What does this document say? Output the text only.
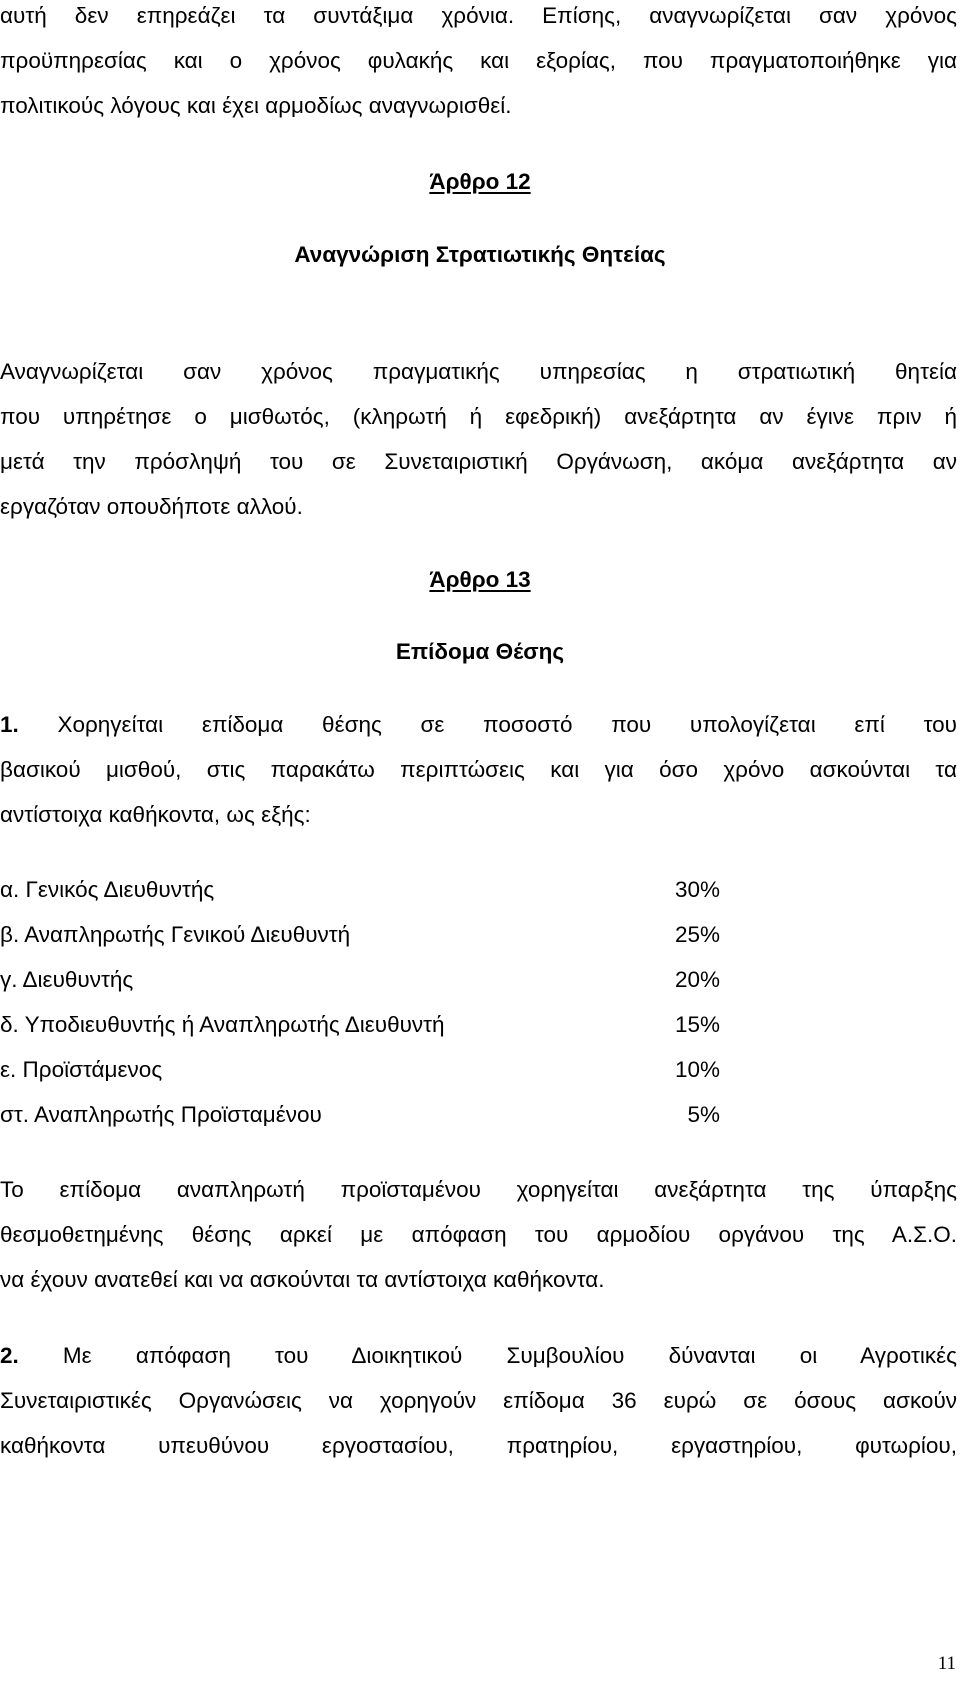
αυτή δεν επηρεάζει τα συντάξιμα χρόνια. Επίσης, αναγνωρίζεται σαν χρόνος
προϋπηρεσίας και ο χρόνος φυλακής και εξορίας, που πραγματοποιήθηκε για
πολιτικούς λόγους και έχει αρμοδίως αναγνωρισθεί.
Άρθρο 12
Αναγνώριση Στρατιωτικής Θητείας
Αναγνωρίζεται σαν χρόνος πραγματικής υπηρεσίας η στρατιωτική θητεία
που υπηρέτησε ο μισθωτός, (κληρωτή ή εφεδρική) ανεξάρτητα αν έγινε πριν ή
μετά την πρόσληψή του σε Συνεταιριστική Οργάνωση, ακόμα ανεξάρτητα αν
εργαζόταν οπουδήποτε αλλού.
Άρθρο 13
Επίδομα Θέσης
1. Χορηγείται επίδομα θέσης σε ποσοστό που υπολογίζεται επί του
βασικού μισθού, στις παρακάτω περιπτώσεις και για όσο χρόνο ασκούνται τα
αντίστοιχα καθήκοντα, ως εξής:
α. Γενικός Διευθυντής	30%
β. Αναπληρωτής Γενικού Διευθυντή	25%
γ. Διευθυντής	20%
δ. Υποδιευθυντής ή Αναπληρωτής Διευθυντή	15%
ε. Προϊστάμενος	10%
στ. Αναπληρωτής Προϊσταμένου	5%
Το επίδομα αναπληρωτή προϊσταμένου χορηγείται ανεξάρτητα της ύπαρξης
θεσμοθετημένης θέσης αρκεί με απόφαση του αρμοδίου οργάνου της Α.Σ.Ο.
να έχουν ανατεθεί και να ασκούνται τα αντίστοιχα καθήκοντα.
2. Με απόφαση του Διοικητικού Συμβουλίου δύνανται οι Αγροτικές
Συνεταιριστικές Οργανώσεις να χορηγούν επίδομα 36 ευρώ σε όσους ασκούν
καθήκοντα υπευθύνου εργοστασίου, πρατηρίου, εργαστηρίου, φυτωρίου,
11
